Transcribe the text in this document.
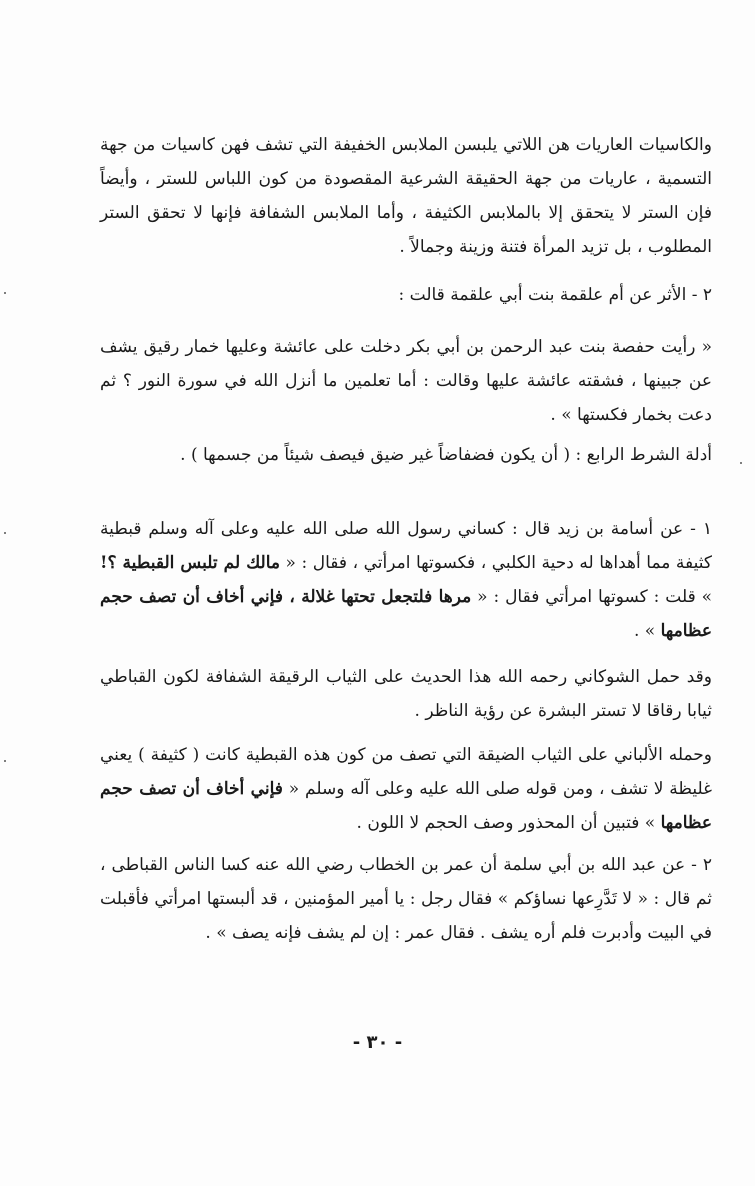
والكاسيات العاريات هن اللاتي يلبسن الملابس الخفيفة التي تشف فهن كاسيات من جهة التسمية ، عاريات من جهة الحقيقة الشرعية المقصودة من كون اللباس للستر ، وأيضاً فإن الستر لا يتحقق إلا بالملابس الكثيفة ، وأما الملابس الشفافة فإنها لا تحقق الستر المطلوب ، بل تزيد المرأة فتنة وزينة وجمالاً .

٢ - الأثر عن أم علقمة بنت أبي علقمة قالت :

« رأيت حفصة بنت عبد الرحمن بن أبي بكر دخلت على عائشة وعليها خمار رقيق يشف عن جبينها ، فشقته عائشة عليها وقالت : أما تعلمين ما أنزل الله في سورة النور ؟ ثم دعت بخمار فكستها » .

أدلة الشرط الرابع : ( أن يكون فضفاضاً غير ضيق فيصف شيئاً من جسمها ) .

١ - عن أسامة بن زيد قال : كساني رسول الله صلى الله عليه وعلى آله وسلم قبطية كثيفة مما أهداها له دحية الكلبي ، فكسوتها امرأتي ، فقال : « مالك لم تلبس القبطية ؟! » قلت : كسوتها امرأتي فقال : « مرها فلتجعل تحتها غلالة ، فإني أخاف أن تصف حجم عظامها » .

وقد حمل الشوكاني رحمه الله هذا الحديث على الثياب الرقيقة الشفافة لكون القباطي ثيابا رقاقا لا تستر البشرة عن رؤية الناظر .

وحمله الألباني على الثياب الضيقة التي تصف من كون هذه القبطية كانت ( كثيفة ) يعني غليظة لا تشف ، ومن قوله صلى الله عليه وعلى آله وسلم « فإني أخاف أن تصف حجم عظامها » فتبين أن المحذور وصف الحجم لا اللون .

٢ - عن عبد الله بن أبي سلمة أن عمر بن الخطاب رضي الله عنه كسا الناس القباطى ، ثم قال : « لا تَدَّرِعها نساؤكم » فقال رجل : يا أمير المؤمنين ، قد ألبستها امرأتي فأقبلت في البيت وأدبرت فلم أره يشف . فقال عمر : إن لم يشف فإنه يصف » .

- ٣٠ -
